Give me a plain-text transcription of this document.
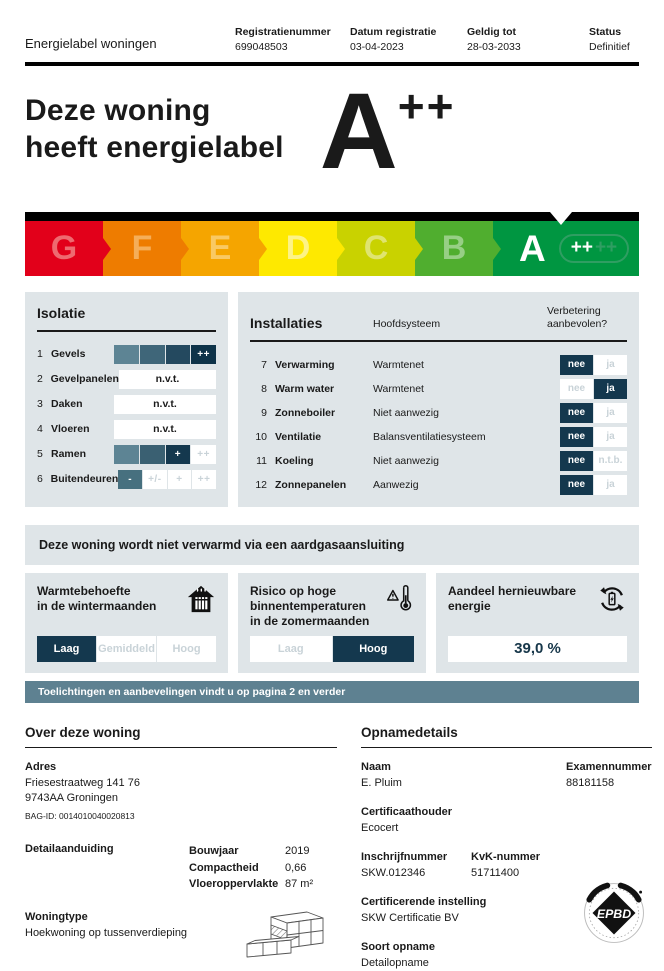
Energielabel woningen
Registratienummer
699048503
Datum registratie
03-04-2023
Geldig tot
28-03-2033
Status
Definitief
Deze woning
heeft energielabel A ++
G F E D C B A ++ ++
Isolatie
1 Gevels	++
2 Gevelpanelen	n.v.t.
3 Daken	n.v.t.
4 Vloeren	n.v.t.
5 Ramen	+	++
6 Buitendeuren -	+/-	+	++
Installaties	Hoofdsysteem
Verbetering aanbevolen?
7 Verwarming	Warmtenet	nee	ja
8 Warm water	Warmtenet	nee	ja
9 Zonneboiler	Niet aanwezig	nee	ja
10 Ventilatie	Balansventilatiesysteem	nee	ja
11 Koeling	Niet aanwezig	nee	n.t.b.
12 Zonnepanelen	Aanwezig	nee	ja
Deze woning wordt niet verwarmd via een aardgasaansluiting
Warmtebehoefte
in de wintermaanden
Laag	Gemiddeld	Hoog
Risico op hoge
binnentemperaturen
in de zomermaanden
Laag	Hoog
Aandeel hernieuwbare
energie
39,0 %
Toelichtingen en aanbevelingen vindt u op pagina 2 en verder
Over deze woning
Adres
Friesestraatweg 141 76
9743AA Groningen
BAG-ID: 0014010040020813
Detailaanduiding	Bouwjaar	2019
Compactheid	0,66
Vloeroppervlakte 87 m²
Woningtype
Hoekwoning op tussenverdieping
Opnamedetails
Naam
E. Pluim
Examennummer
88181158
Certificaathouder
Ecocert
Inschrijfnummer
SKW.012346
KvK-nummer
51711400
Certificerende instelling
SKW Certificatie BV
Soort opname
Detailopname
EPBD
